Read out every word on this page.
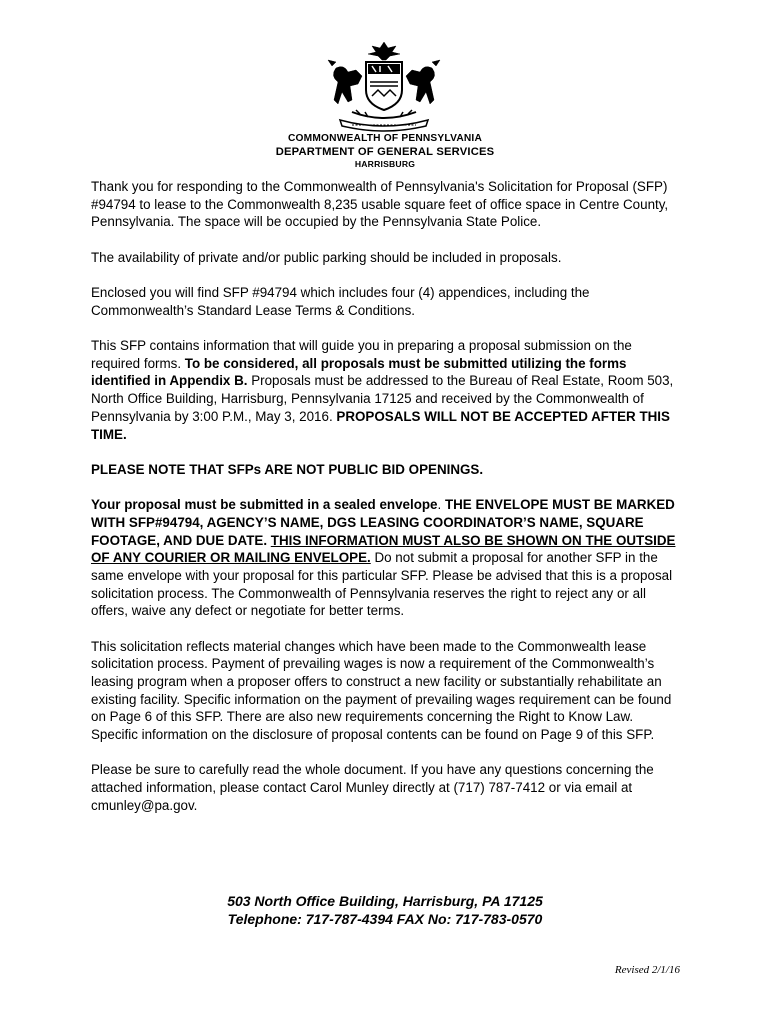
COMMONWEALTH OF PENNSYLVANIA
DEPARTMENT OF GENERAL SERVICES
HARRISBURG

Thank you for responding to the Commonwealth of Pennsylvania's Solicitation for Proposal (SFP) #94794 to lease to the Commonwealth 8,235 usable square feet of office space in Centre County, Pennsylvania. The space will be occupied by the Pennsylvania State Police.

The availability of private and/or public parking should be included in proposals.

Enclosed you will find SFP #94794 which includes four (4) appendices, including the Commonwealth’s Standard Lease Terms & Conditions.

This SFP contains information that will guide you in preparing a proposal submission on the required forms. To be considered, all proposals must be submitted utilizing the forms identified in Appendix B. Proposals must be addressed to the Bureau of Real Estate, Room 503, North Office Building, Harrisburg, Pennsylvania 17125 and received by the Commonwealth of Pennsylvania by 3:00 P.M., May 3, 2016. PROPOSALS WILL NOT BE ACCEPTED AFTER THIS TIME.

PLEASE NOTE THAT SFPs ARE NOT PUBLIC BID OPENINGS.

Your proposal must be submitted in a sealed envelope. THE ENVELOPE MUST BE MARKED WITH SFP#94794, AGENCY’S NAME, DGS LEASING COORDINATOR’S NAME, SQUARE FOOTAGE, AND DUE DATE. THIS INFORMATION MUST ALSO BE SHOWN ON THE OUTSIDE OF ANY COURIER OR MAILING ENVELOPE. Do not submit a proposal for another SFP in the same envelope with your proposal for this particular SFP. Please be advised that this is a proposal solicitation process. The Commonwealth of Pennsylvania reserves the right to reject any or all offers, waive any defect or negotiate for better terms.

This solicitation reflects material changes which have been made to the Commonwealth lease solicitation process. Payment of prevailing wages is now a requirement of the Commonwealth’s leasing program when a proposer offers to construct a new facility or substantially rehabilitate an existing facility. Specific information on the payment of prevailing wages requirement can be found on Page 6 of this SFP. There are also new requirements concerning the Right to Know Law. Specific information on the disclosure of proposal contents can be found on Page 9 of this SFP.

Please be sure to carefully read the whole document. If you have any questions concerning the attached information, please contact Carol Munley directly at (717) 787-7412 or via email at cmunley@pa.gov.

503 North Office Building, Harrisburg, PA 17125
Telephone: 717-787-4394 FAX No: 717-783-0570
Revised 2/1/16
